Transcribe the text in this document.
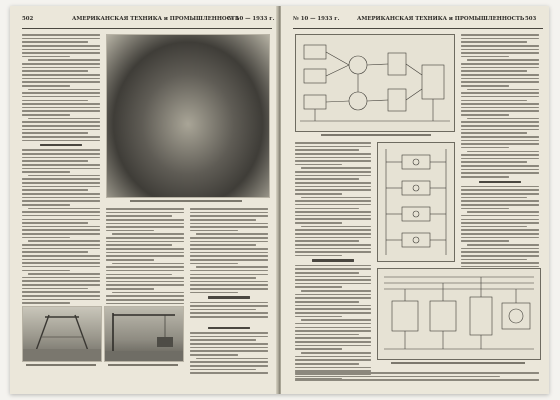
502	АМЕРИКАНСКАЯ ТЕХНИКА и ПРОМЫШЛЕННОСТЬ
№ 10 — 1933 г.	№ 10 — 1933 г.	АМЕРИКАНСКАЯ ТЕХНИКА и ПРОМЫШЛЕННОСТЬ 503
